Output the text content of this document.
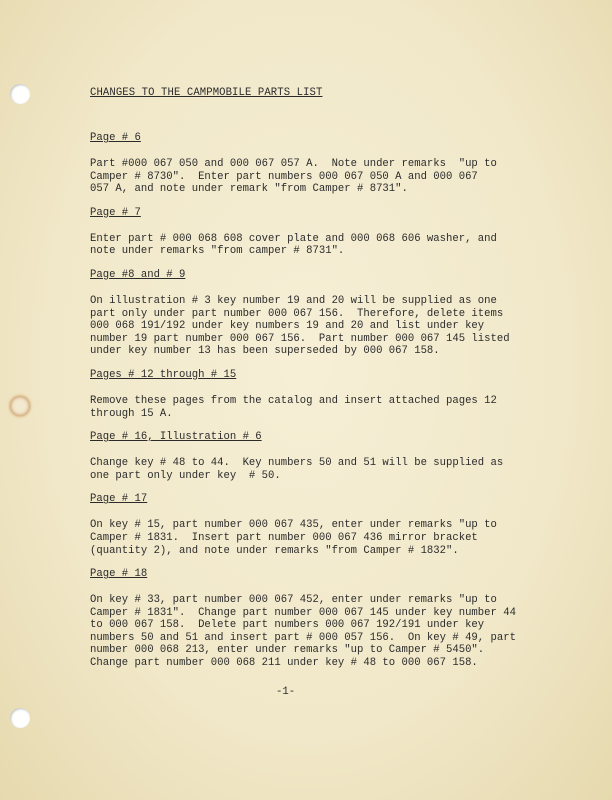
CHANGES TO THE CAMPMOBILE PARTS LIST
Page # 6
Part #000 067 050 and 000 067 057 A.  Note under remarks  "up to
Camper # 8730".  Enter part numbers 000 067 050 A and 000 067
057 A, and note under remark "from Camper # 8731".
Page # 7
Enter part # 000 068 608 cover plate and 000 068 606 washer, and
note under remarks "from camper # 8731".
Page #8 and # 9
On illustration # 3 key number 19 and 20 will be supplied as one
part only under part number 000 067 156.  Therefore, delete items
000 068 191/192 under key numbers 19 and 20 and list under key
number 19 part number 000 067 156.  Part number 000 067 145 listed
under key number 13 has been superseded by 000 067 158.
Pages # 12 through # 15
Remove these pages from the catalog and insert attached pages 12
through 15 A.
Page # 16, Illustration # 6
Change key # 48 to 44.  Key numbers 50 and 51 will be supplied as
one part only under key  # 50.
Page # 17
On key # 15, part number 000 067 435, enter under remarks "up to
Camper # 1831.  Insert part number 000 067 436 mirror bracket
(quantity 2), and note under remarks "from Camper # 1832".
Page # 18
On key # 33, part number 000 067 452, enter under remarks "up to
Camper # 1831".  Change part number 000 067 145 under key number 44
to 000 067 158.  Delete part numbers 000 067 192/191 under key
numbers 50 and 51 and insert part # 000 057 156.  On key # 49, part
number 000 068 213, enter under remarks "up to Camper # 5450".
Change part number 000 068 211 under key # 48 to 000 067 158.
-1-
